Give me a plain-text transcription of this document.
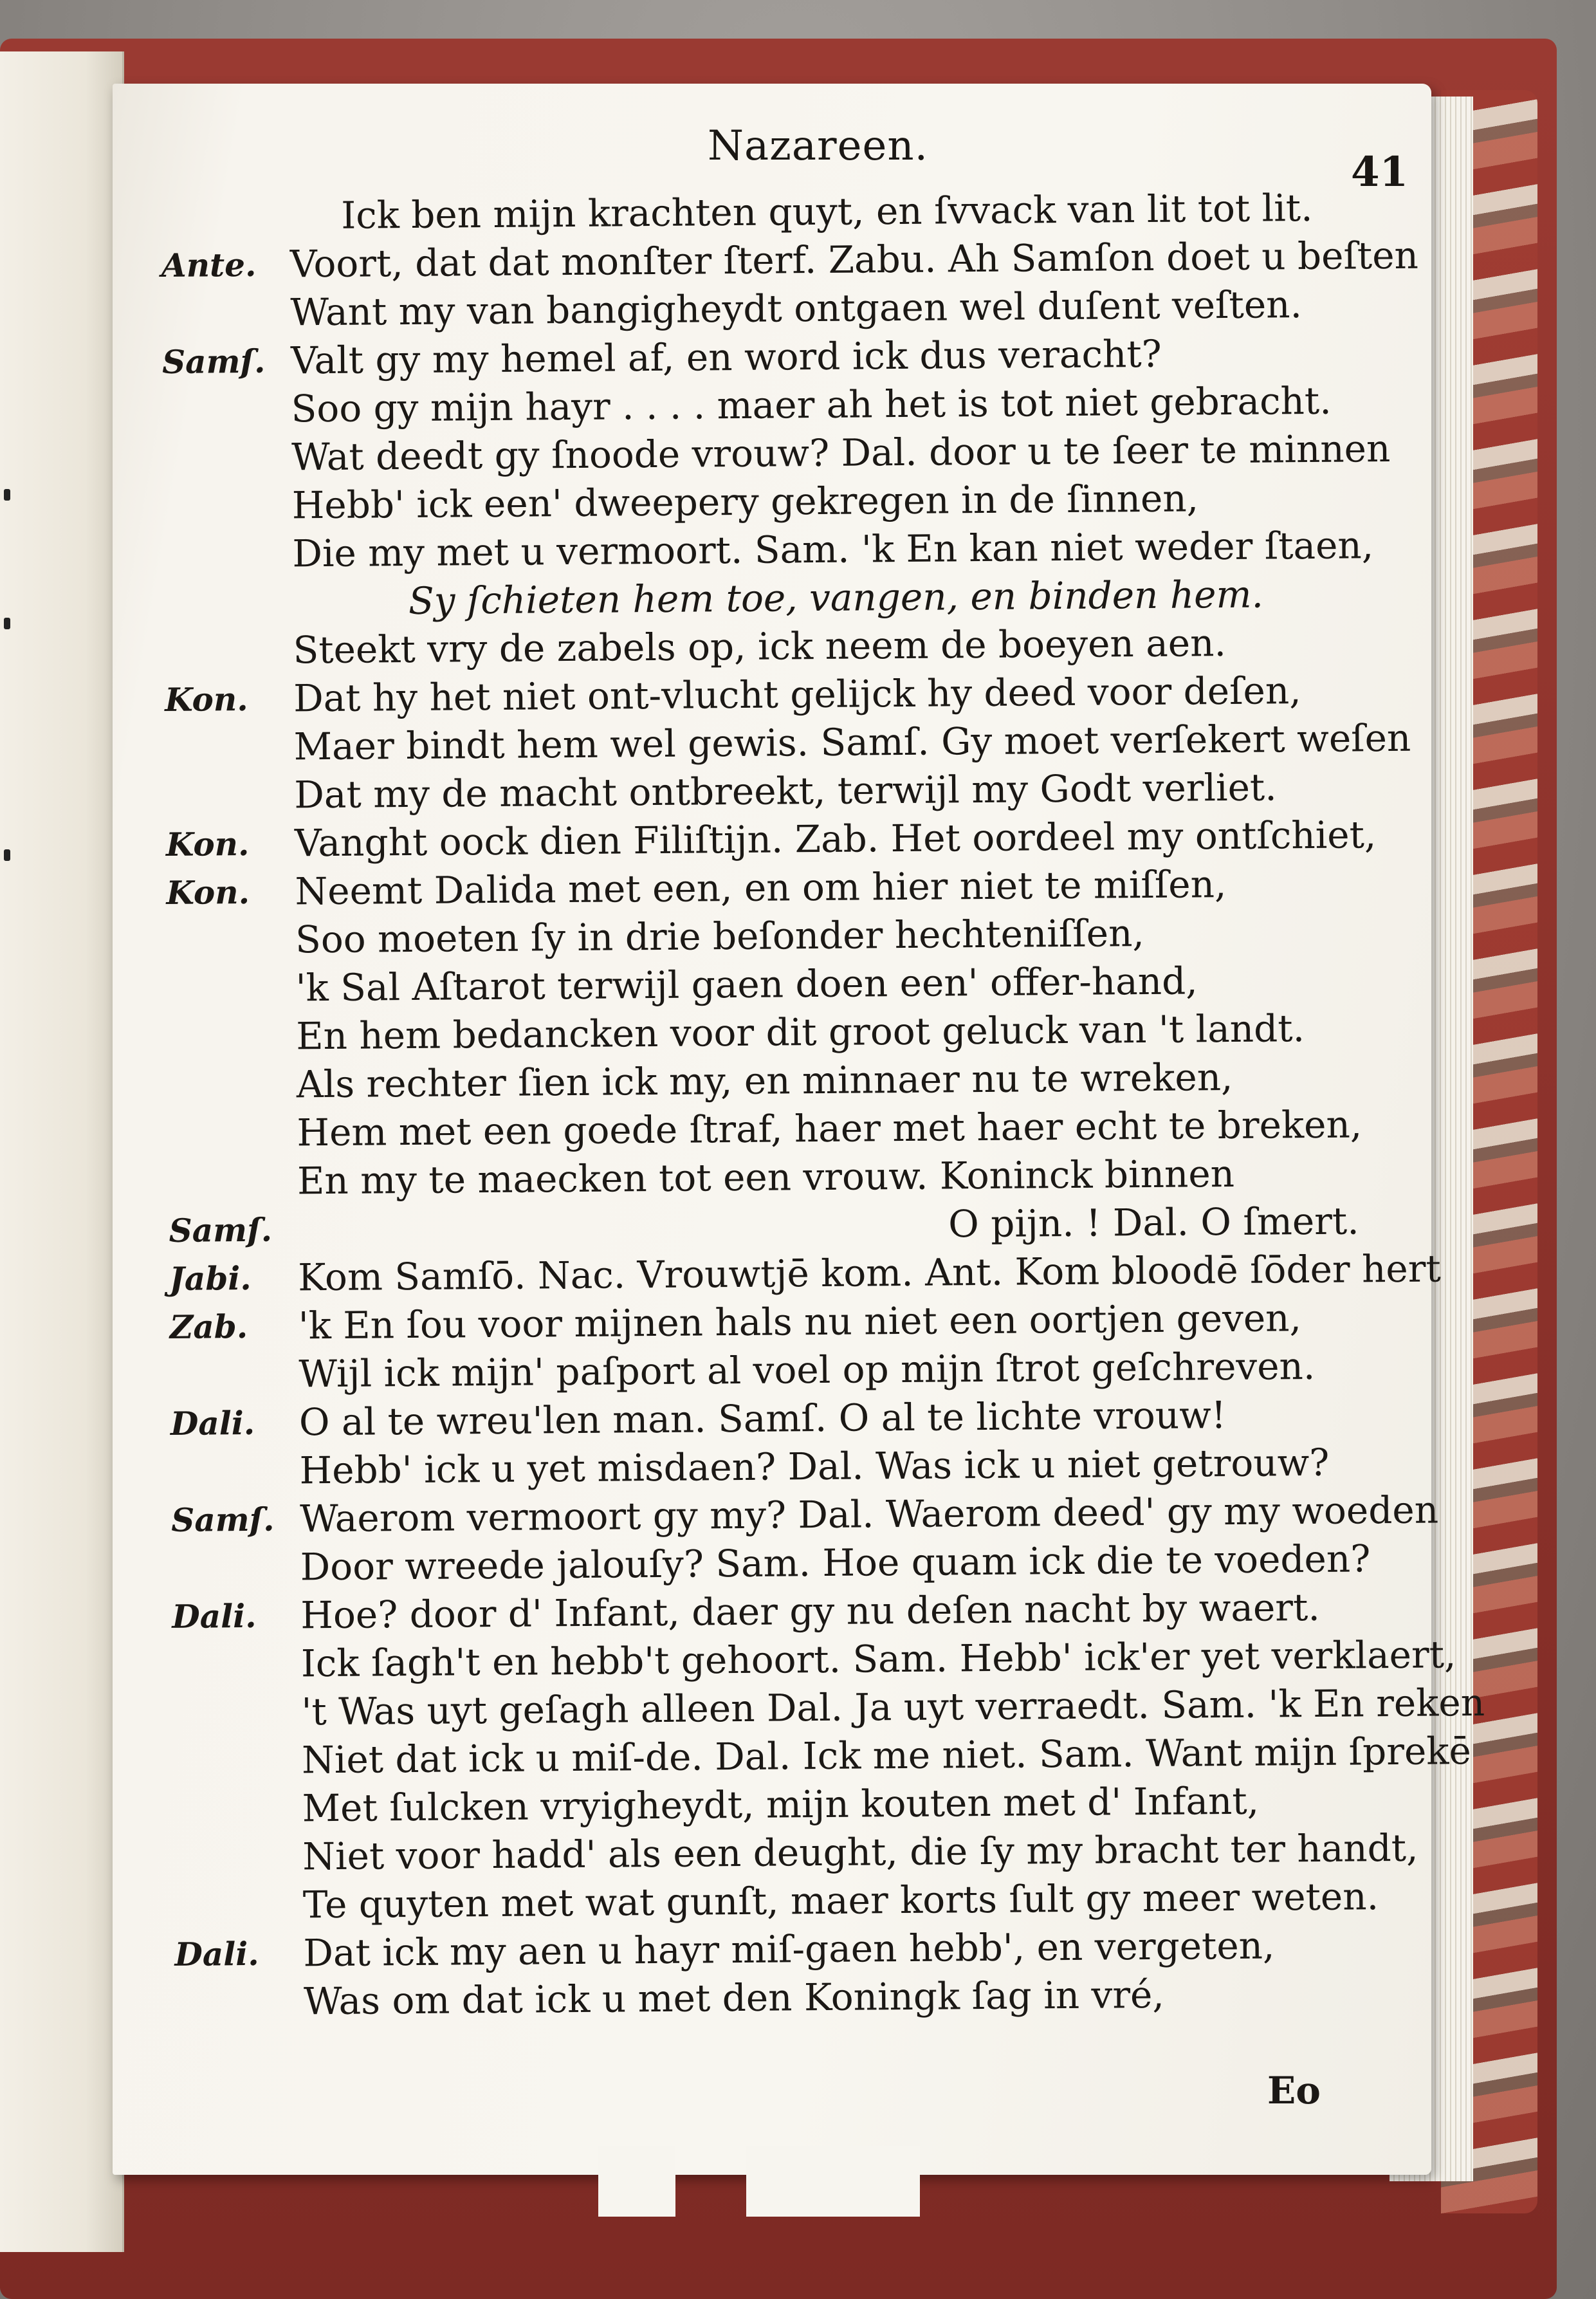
Nazareen.
41
Ick ben mijn krachten quyt, en ſvvack van lit tot lit.
Ante. Voort, dat dat monſter ſterf. Zabu. Ah Samſon doet u beſten
Want my van bangigheydt ontgaen wel duſent veſten.
Samſ. Valt gy my hemel af, en word ick dus veracht?
Soo gy mijn hayr . . . . maer ah het is tot niet gebracht.
Wat deedt gy ſnoode vrouw? Dal. door u te ſeer te minnen
Hebb' ick een' dweepery gekregen in de ſinnen,
Die my met u vermoort. Sam. 'k En kan niet weder ſtaen,
Sy ſchieten hem toe, vangen, en binden hem.
Steekt vry de zabels op, ick neem de boeyen aen.
Kon. Dat hy het niet ont-vlucht gelijck hy deed voor deſen,
Maer bindt hem wel gewis. Samſ. Gy moet verſekert weſen
Dat my de macht ontbreekt, terwijl my Godt verliet.
Kon. Vanght oock dien Filiſtijn. Zab. Het oordeel my ontſchiet,
Kon. Neemt Dalida met een, en om hier niet te miſſen,
Soo moeten ſy in drie beſonder hechteniſſen,
'k Sal Aſtarot terwijl gaen doen een' offer-hand,
En hem bedancken voor dit groot geluck van 't landt.
Als rechter ſien ick my, en minnaer nu te wreken,
Hem met een goede ſtraf, haer met haer echt te breken,
En my te maecken tot een vrouw. Koninck binnen
Samſ.	O pijn. ! Dal. O ſmert.
Jabi. Kom Samſō. Nac. Vrouwtjē kom. Ant. Kom bloodē ſōder hert
Zab. 'k En ſou voor mijnen hals nu niet een oortjen geven,
Wijl ick mijn' paſport al voel op mijn ſtrot geſchreven.
Dali. O al te wreu'len man. Samſ. O al te lichte vrouw!
Hebb' ick u yet misdaen? Dal. Was ick u niet getrouw?
Samſ. Waerom vermoort gy my? Dal. Waerom deed' gy my woeden
Door wreede jalouſy? Sam. Hoe quam ick die te voeden?
Dali. Hoe? door d' Infant, daer gy nu deſen nacht by waert.
Ick ſagh't en hebb't gehoort. Sam. Hebb' ick'er yet verklaert,
't Was uyt geſagh alleen Dal. Ja uyt verraedt. Sam. 'k En reken
Niet dat ick u miſ-de. Dal. Ick me niet. Sam. Want mijn ſprekē
Met ſulcken vryigheydt, mijn kouten met d' Infant,
Niet voor hadd' als een deught, die ſy my bracht ter handt,
Te quyten met wat gunſt, maer korts ſult gy meer weten.
Dali. Dat ick my aen u hayr miſ-gaen hebb', en vergeten,
Was om dat ick u met den Koningk ſag in vré,
Eo
